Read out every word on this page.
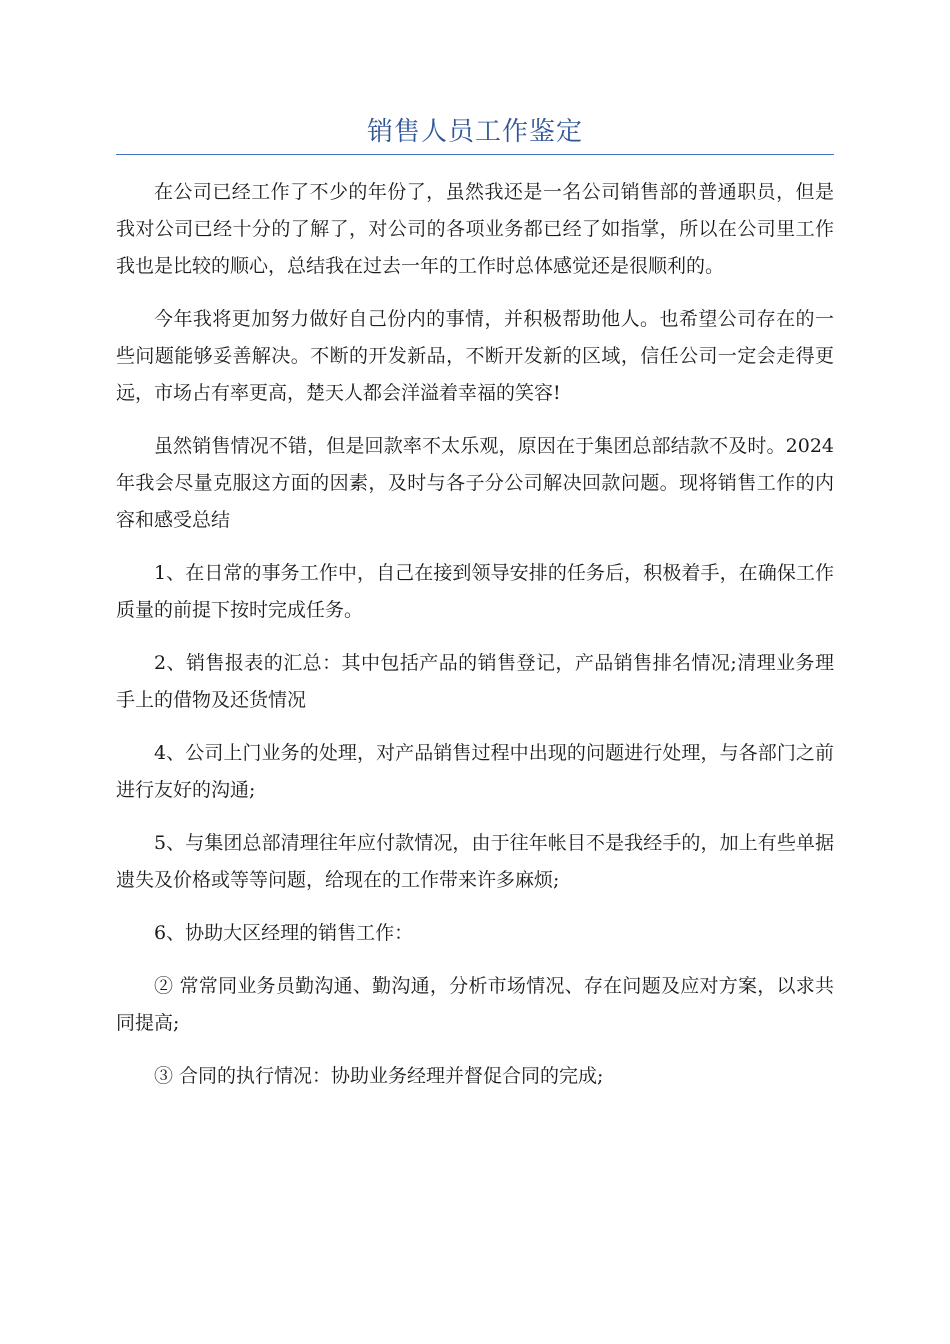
销售人员工作鉴定

在公司已经工作了不少的年份了，虽然我还是一名公司销售部的普通职员，但是我对公司已经十分的了解了，对公司的各项业务都已经了如指掌，所以在公司里工作我也是比较的顺心，总结我在过去一年的工作时总体感觉还是很顺利的。

今年我将更加努力做好自己份内的事情，并积极帮助他人。也希望公司存在的一些问题能够妥善解决。不断的开发新品，不断开发新的区域，信任公司一定会走得更远，市场占有率更高，楚天人都会洋溢着幸福的笑容!

虽然销售情况不错，但是回款率不太乐观，原因在于集团总部结款不及时。2024年我会尽量克服这方面的因素，及时与各子分公司解决回款问题。现将销售工作的内容和感受总结

1、在日常的事务工作中，自己在接到领导安排的任务后，积极着手，在确保工作质量的前提下按时完成任务。

2、销售报表的汇总：其中包括产品的销售登记，产品销售排名情况;清理业务理手上的借物及还货情况

4、公司上门业务的处理，对产品销售过程中出现的问题进行处理，与各部门之前进行友好的沟通;

5、与集团总部清理往年应付款情况，由于往年帐目不是我经手的，加上有些单据遗失及价格或等等问题，给现在的工作带来许多麻烦;

6、协助大区经理的销售工作：

② 常常同业务员勤沟通、勤沟通，分析市场情况、存在问题及应对方案，以求共同提高;

③ 合同的执行情况：协助业务经理并督促合同的完成;
